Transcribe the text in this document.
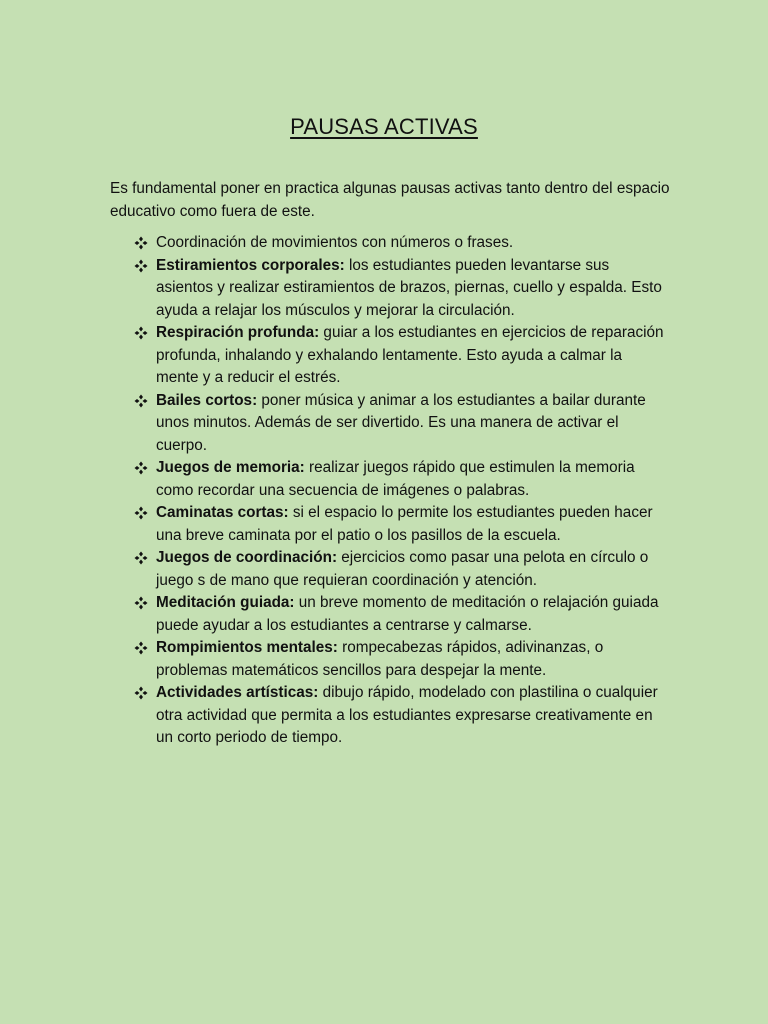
PAUSAS ACTIVAS

Es fundamental poner en practica algunas pausas activas tanto dentro del espacio educativo como fuera de este.

Coordinación de movimientos con números o frases.
Estiramientos corporales: los estudiantes pueden levantarse sus asientos y realizar estiramientos de brazos, piernas, cuello y espalda. Esto ayuda a relajar los músculos y mejorar la circulación.
Respiración profunda: guiar a los estudiantes en ejercicios de reparación profunda, inhalando y exhalando lentamente. Esto ayuda a calmar la mente y a reducir el estrés.
Bailes cortos: poner música y animar a los estudiantes a bailar durante unos minutos. Además de ser divertido. Es una manera de activar el cuerpo.
Juegos de memoria: realizar juegos rápido que estimulen la memoria como recordar una secuencia de imágenes o palabras.
Caminatas cortas: si el espacio lo permite los estudiantes pueden hacer una breve caminata por el patio o los pasillos de la escuela.
Juegos de coordinación: ejercicios como pasar una pelota en círculo o juego s de mano que requieran coordinación y atención.
Meditación guiada: un breve momento de meditación o relajación guiada puede ayudar a los estudiantes a centrarse y calmarse.
Rompimientos mentales: rompecabezas rápidos, adivinanzas, o problemas matemáticos sencillos para despejar la mente.
Actividades artísticas: dibujo rápido, modelado con plastilina o cualquier otra actividad que permita a los estudiantes expresarse creativamente en un corto periodo de tiempo.
